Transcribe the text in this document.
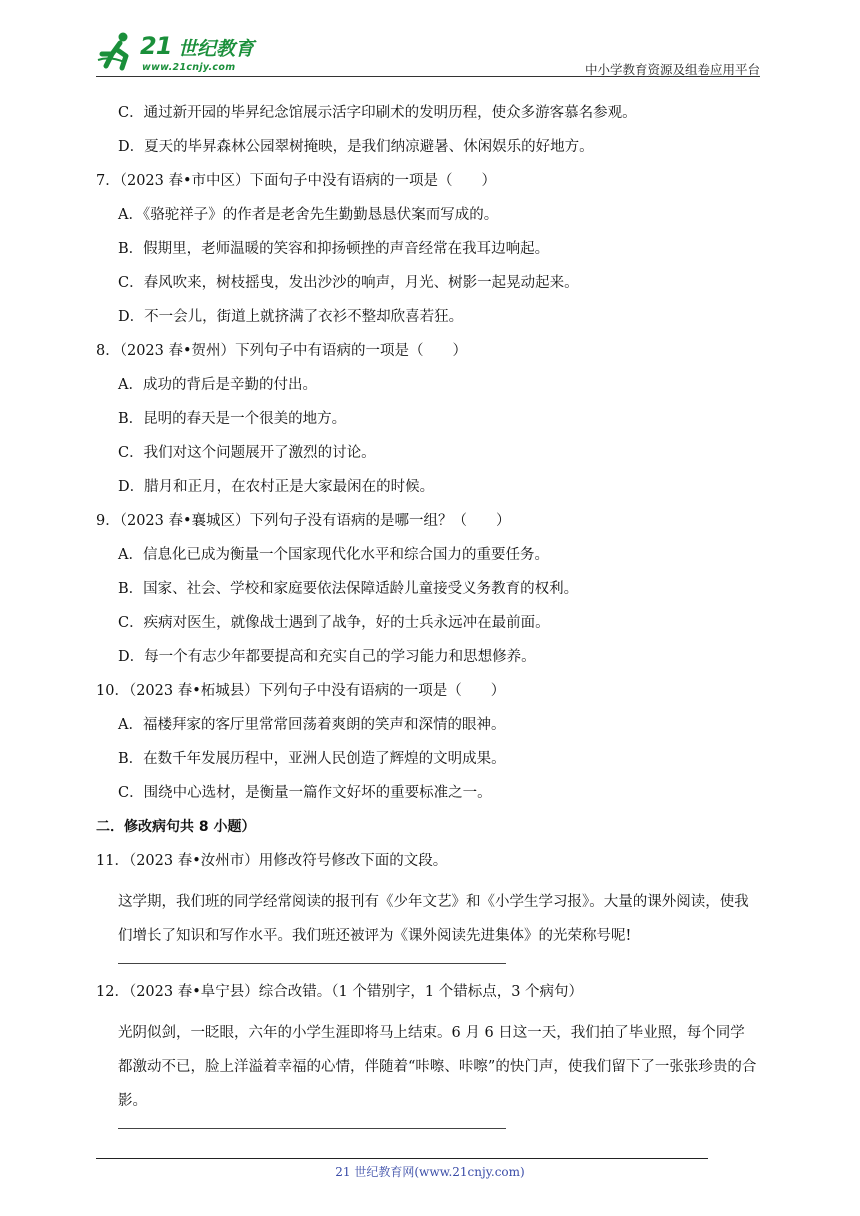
21 世纪教育
www.21cnjy.com	中小学教育资源及组卷应用平台
C．通过新开园的毕昇纪念馆展示活字印刷术的发明历程，使众多游客慕名参观。
D．夏天的毕昇森林公园翠树掩映，是我们纳凉避暑、休闲娱乐的好地方。
7．（2023 春•市中区）下面句子中没有语病的一项是（　　）
A．《骆驼祥子》的作者是老舍先生勤勤恳恳伏案而写成的。
B．假期里，老师温暖的笑容和抑扬顿挫的声音经常在我耳边响起。
C．春风吹来，树枝摇曳，发出沙沙的响声，月光、树影一起晃动起来。
D．不一会儿，街道上就挤满了衣衫不整却欣喜若狂。
8．（2023 春•贺州）下列句子中有语病的一项是（　　）
A．成功的背后是辛勤的付出。
B．昆明的春天是一个很美的地方。
C．我们对这个问题展开了激烈的讨论。
D．腊月和正月，在农村正是大家最闲在的时候。
9．（2023 春•襄城区）下列句子没有语病的是哪一组？（　　）
A．信息化已成为衡量一个国家现代化水平和综合国力的重要任务。
B．国家、社会、学校和家庭要依法保障适龄儿童接受义务教育的权利。
C．疾病对医生，就像战士遇到了战争，好的士兵永远冲在最前面。
D．每一个有志少年都要提高和充实自己的学习能力和思想修养。
10．（2023 春•柘城县）下列句子中没有语病的一项是（　　）
A．福楼拜家的客厅里常常回荡着爽朗的笑声和深情的眼神。
B．在数千年发展历程中，亚洲人民创造了辉煌的文明成果。
C．围绕中心选材，是衡量一篇作文好坏的重要标准之一。
二．修改病句共 8 小题）
11．（2023 春•汝州市）用修改符号修改下面的文段。

这学期，我们班的同学经常阅读的报刊有《少年文艺》和《小学生学习报》。大量的课外阅读，使我们增长了知识和写作水平。我们班还被评为《课外阅读先进集体》的光荣称号呢!

12．（2023 春•阜宁县）综合改错。（1 个错别字，1 个错标点，3 个病句）

光阴似剑，一眨眼，六年的小学生涯即将马上结束。6 月 6 日这一天，我们拍了毕业照，每个同学都激动不已，脸上洋溢着幸福的心情，伴随着“咔嚓、咔嚓”的快门声，使我们留下了一张张珍贵的合影。

21 世纪教育网(www.21cnjy.com)
